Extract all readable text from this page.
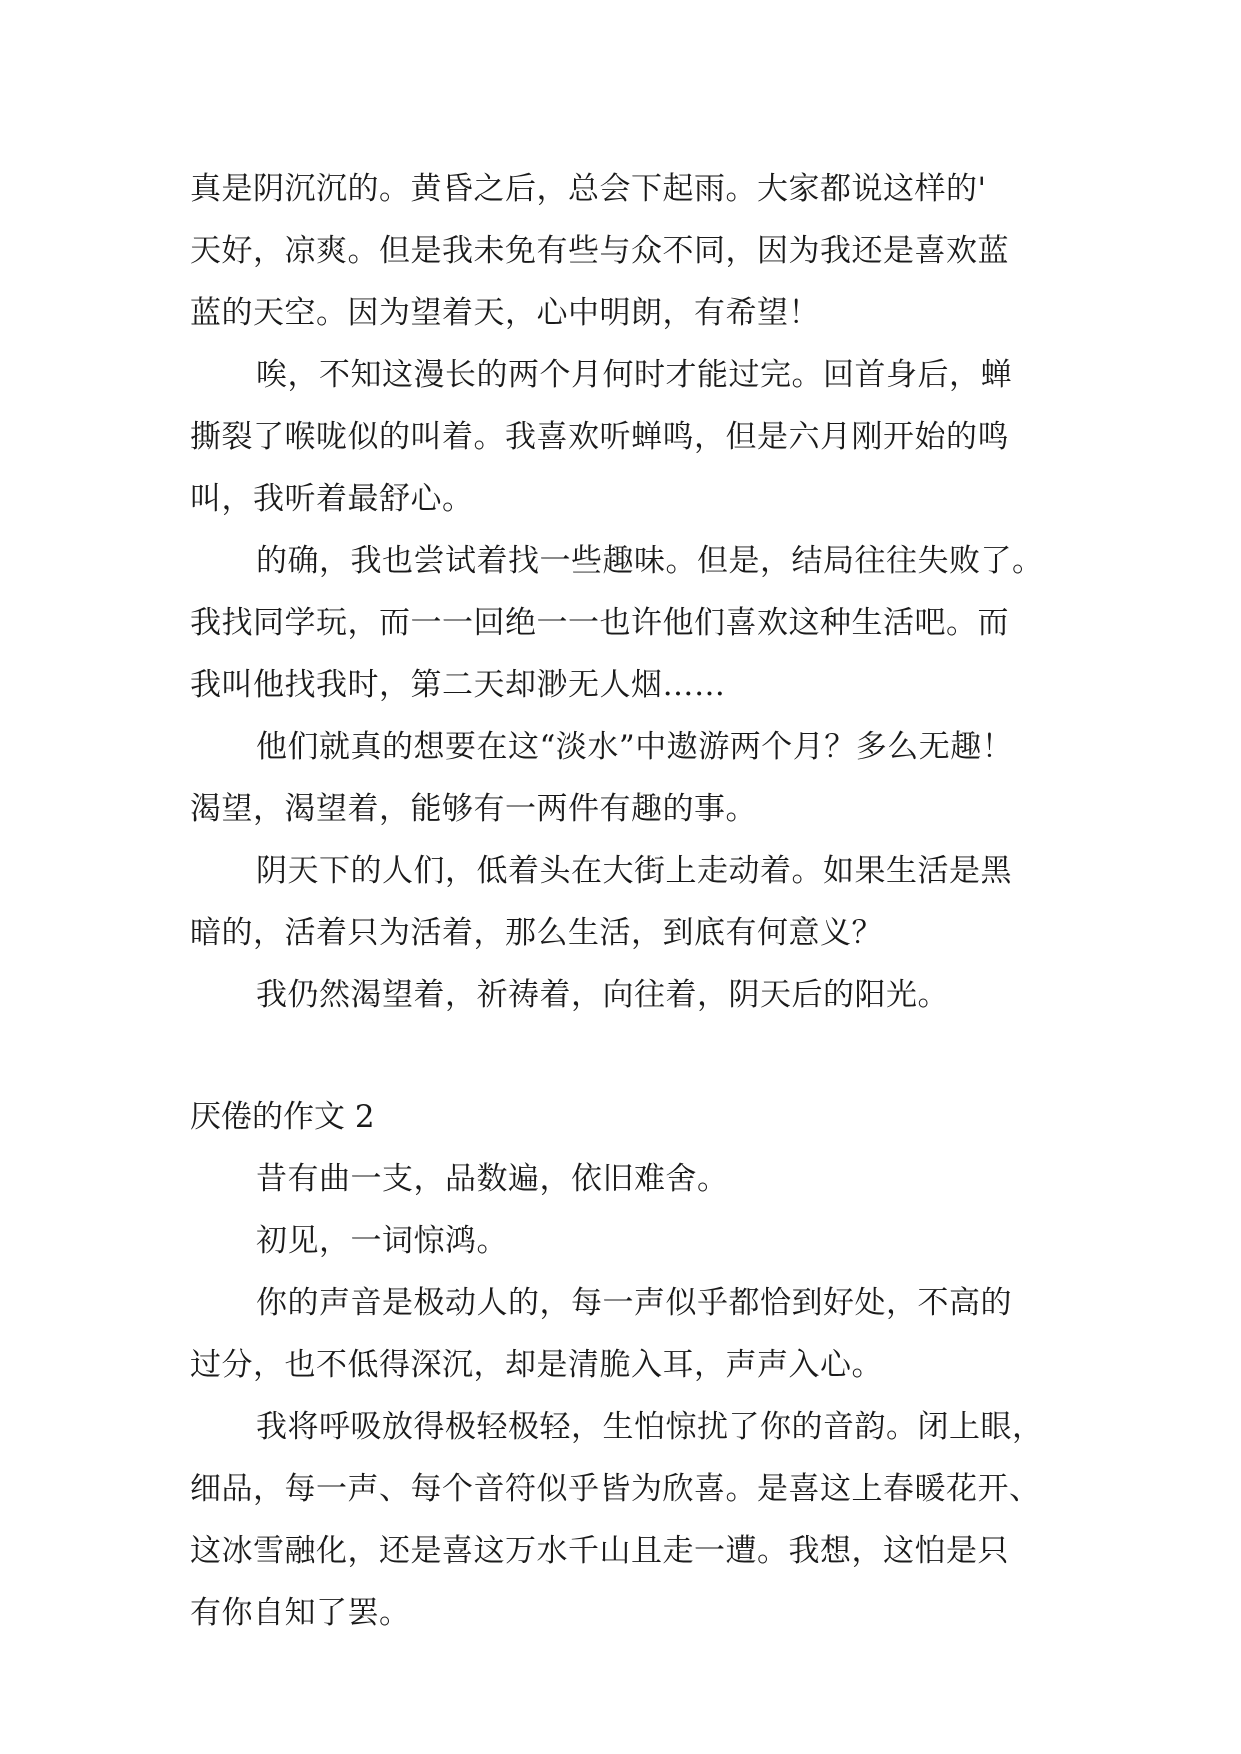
真是阴沉沉的。黄昏之后，总会下起雨。大家都说这样的'
天好，凉爽。但是我未免有些与众不同，因为我还是喜欢蓝
蓝的天空。因为望着天，心中明朗，有希望！
唉，不知这漫长的两个月何时才能过完。回首身后，蝉
撕裂了喉咙似的叫着。我喜欢听蝉鸣，但是六月刚开始的鸣
叫，我听着最舒心。
的确，我也尝试着找一些趣味。但是，结局往往失败了。
我找同学玩，而一一回绝一一也许他们喜欢这种生活吧。而
我叫他找我时，第二天却渺无人烟……
他们就真的想要在这“淡水”中遨游两个月？多么无趣！
渴望，渴望着，能够有一两件有趣的事。
阴天下的人们，低着头在大街上走动着。如果生活是黑
暗的，活着只为活着，那么生活，到底有何意义？
我仍然渴望着，祈祷着，向往着，阴天后的阳光。
厌倦的作文 2
昔有曲一支，品数遍，依旧难舍。
初见，一词惊鸿。
你的声音是极动人的，每一声似乎都恰到好处，不高的
过分，也不低得深沉，却是清脆入耳，声声入心。
我将呼吸放得极轻极轻，生怕惊扰了你的音韵。闭上眼，
细品，每一声、每个音符似乎皆为欣喜。是喜这上春暖花开、
这冰雪融化，还是喜这万水千山且走一遭。我想，这怕是只
有你自知了罢。
